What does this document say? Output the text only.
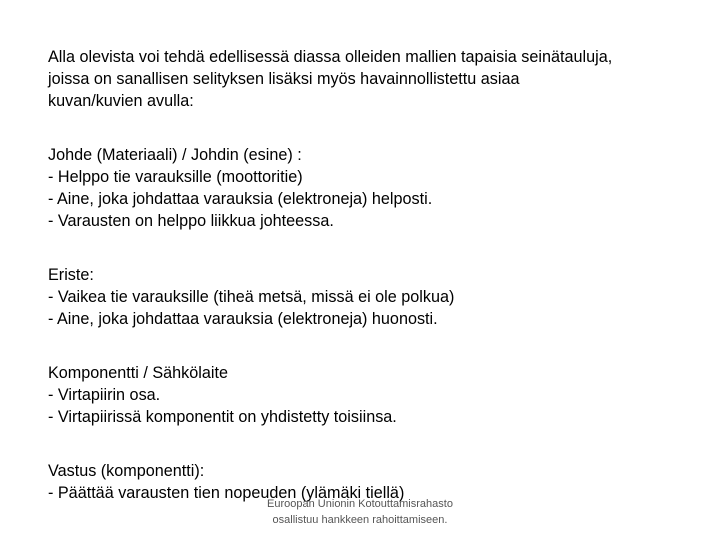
Alla olevista voi tehdä edellisessä diassa olleiden mallien tapaisia seinätauluja,
joissa on sanallisen selityksen lisäksi myös havainnollistettu asiaa
kuvan/kuvien avulla:

Johde (Materiaali) / Johdin (esine) :
- Helppo tie varauksille (moottoritie)
- Aine, joka johdattaa varauksia (elektroneja) helposti.
- Varausten on helppo liikkua johteessa.

Eriste:
- Vaikea tie varauksille (tiheä metsä, missä ei ole polkua)
- Aine, joka johdattaa varauksia (elektroneja) huonosti.

Komponentti / Sähkölaite
- Virtapiirin osa.
- Virtapiirissä komponentit on yhdistetty toisiinsa.

Vastus (komponentti):
- Päättää varausten tien nopeuden (ylämäki tiellä)

Euroopan Unionin Kotouttamisrahasto
osallistuu hankkeen rahoittamiseen.
